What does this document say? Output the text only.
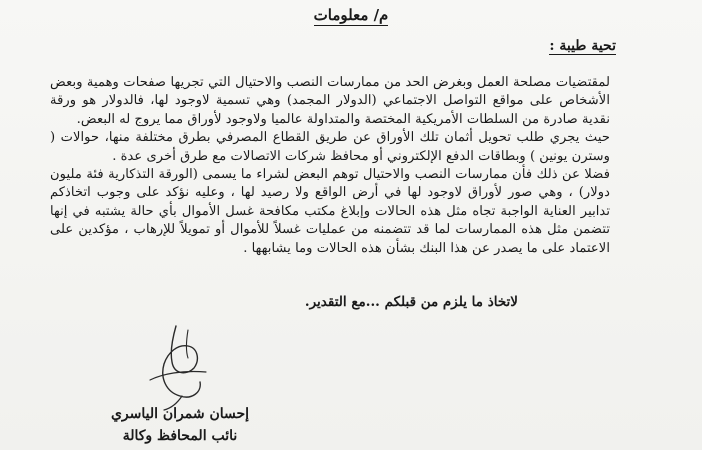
م/ معلومات
تحية طيبة :

لمقتضيات مصلحة العمل وبغرض الحد من ممارسات النصب والاحتيال التي تجريها صفحات وهمية وبعض الأشخاص على مواقع التواصل الاجتماعي (الدولار المجمد) وهي تسمية لاوجود لها، فالدولار هو ورقة نقدية صادرة من السلطات الأمريكية المختصة والمتداولة عالميا ولاوجود لأوراق مما يروج له البعض.

حيث يجري طلب تحويل أثمان تلك الأوراق عن طريق القطاع المصرفي بطرق مختلفة منها، حوالات ( وسترن يونين ) وبطاقات الدفع الإلكتروني أو محافظ شركات الاتصالات مع طرق أخرى عدة .

فضلا عن ذلك فأن ممارسات النصب والاحتيال توهم البعض لشراء ما يسمى (الورقة التذكارية فئة مليون دولار) ، وهي صور لأوراق لاوجود لها في أرض الواقع ولا رصيد لها ، وعليه نؤكد على وجوب اتخاذكم تدابير العناية الواجبة تجاه مثل هذه الحالات وإبلاغ مكتب مكافحة غسل الأموال بأي حالة يشتبه في إنها تتضمن مثل هذه الممارسات لما قد تتضمنه من عمليات غسلاً للأموال أو تمويلاً للإرهاب ، مؤكدين على الاعتماد على ما يصدر عن هذا البنك بشأن هذه الحالات وما يشابهها .

لاتخاذ ما يلزم من قبلكم ...مع التقدير.
إحسان شمران الياسري
نائب المحافظ وكالة
